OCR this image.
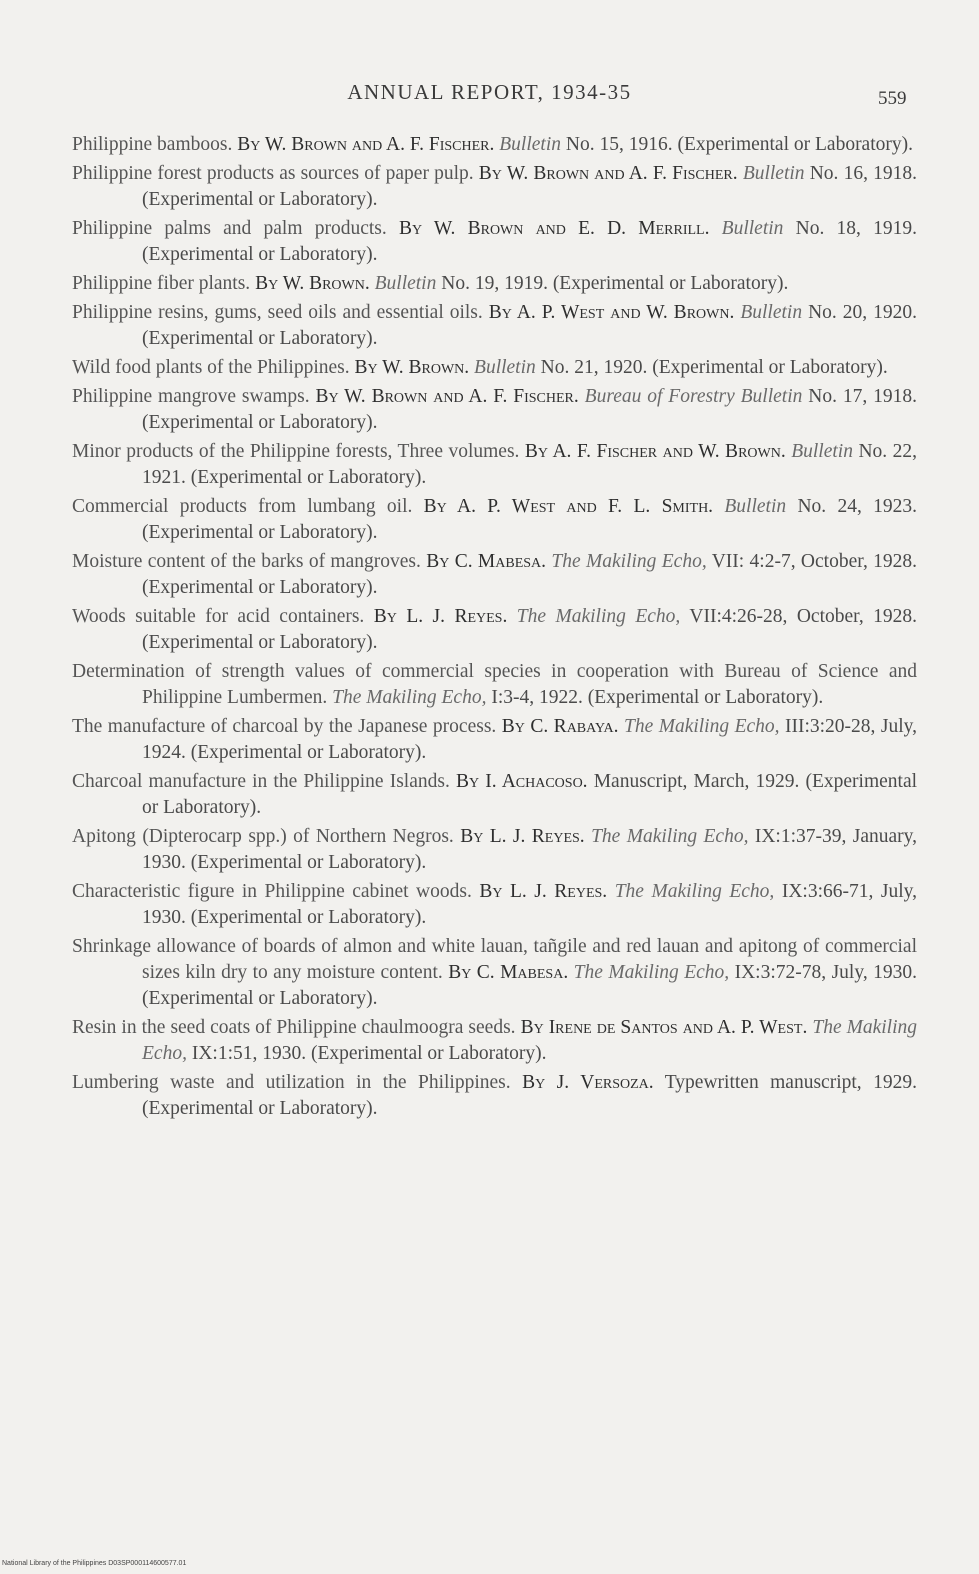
ANNUAL REPORT, 1934-35	559
Philippine bamboos. By W. Brown and A. F. Fischer. Bulletin No. 15, 1916. (Experimental or Laboratory).
Philippine forest products as sources of paper pulp. By W. Brown and A. F. Fischer. Bulletin No. 16, 1918. (Experimental or Laboratory).
Philippine palms and palm products. By W. Brown and E. D. Merrill. Bulletin No. 18, 1919. (Experimental or Laboratory).
Philippine fiber plants. By W. Brown. Bulletin No. 19, 1919. (Experimental or Laboratory).
Philippine resins, gums, seed oils and essential oils. By A. P. West and W. Brown. Bulletin No. 20, 1920. (Experimental or Laboratory).
Wild food plants of the Philippines. By W. Brown. Bulletin No. 21, 1920. (Experimental or Laboratory).
Philippine mangrove swamps. By W. Brown and A. F. Fischer. Bureau of Forestry Bulletin No. 17, 1918. (Experimental or Laboratory).
Minor products of the Philippine forests, Three volumes. By A. F. Fischer and W. Brown. Bulletin No. 22, 1921. (Experimental or Laboratory).
Commercial products from lumbang oil. By A. P. West and F. L. Smith. Bulletin No. 24, 1923. (Experimental or Laboratory).
Moisture content of the barks of mangroves. By C. Mabesa. The Makiling Echo, VII: 4:2-7, October, 1928. (Experimental or Laboratory).
Woods suitable for acid containers. By L. J. Reyes. The Makiling Echo, VII:4:26-28, October, 1928. (Experimental or Laboratory).
Determination of strength values of commercial species in cooperation with Bureau of Science and Philippine Lumbermen. The Makiling Echo, I:3-4, 1922. (Experimental or Laboratory).
The manufacture of charcoal by the Japanese process. By C. Rabaya. The Makiling Echo, III:3:20-28, July, 1924. (Experimental or Laboratory).
Charcoal manufacture in the Philippine Islands. By I. Achacoso. Manuscript, March, 1929. (Experimental or Laboratory).
Apitong (Dipterocarp spp.) of Northern Negros. By L. J. Reyes. The Makiling Echo, IX:1:37-39, January, 1930. (Experimental or Laboratory).
Characteristic figure in Philippine cabinet woods. By L. J. Reyes. The Makiling Echo, IX:3:66-71, July, 1930. (Experimental or Laboratory).
Shrinkage allowance of boards of almon and white lauan, tañgile and red lauan and apitong of commercial sizes kiln dry to any moisture content. By C. Mabesa. The Makiling Echo, IX:3:72-78, July, 1930. (Experimental or Laboratory).
Resin in the seed coats of Philippine chaulmoogra seeds. By Irene de Santos and A. P. West. The Makiling Echo, IX:1:51, 1930. (Experimental or Laboratory).
Lumbering waste and utilization in the Philippines. By J. Versoza. Typewritten manuscript, 1929. (Experimental or Laboratory).
National Library of the Philippines D03SP000114600577.01
